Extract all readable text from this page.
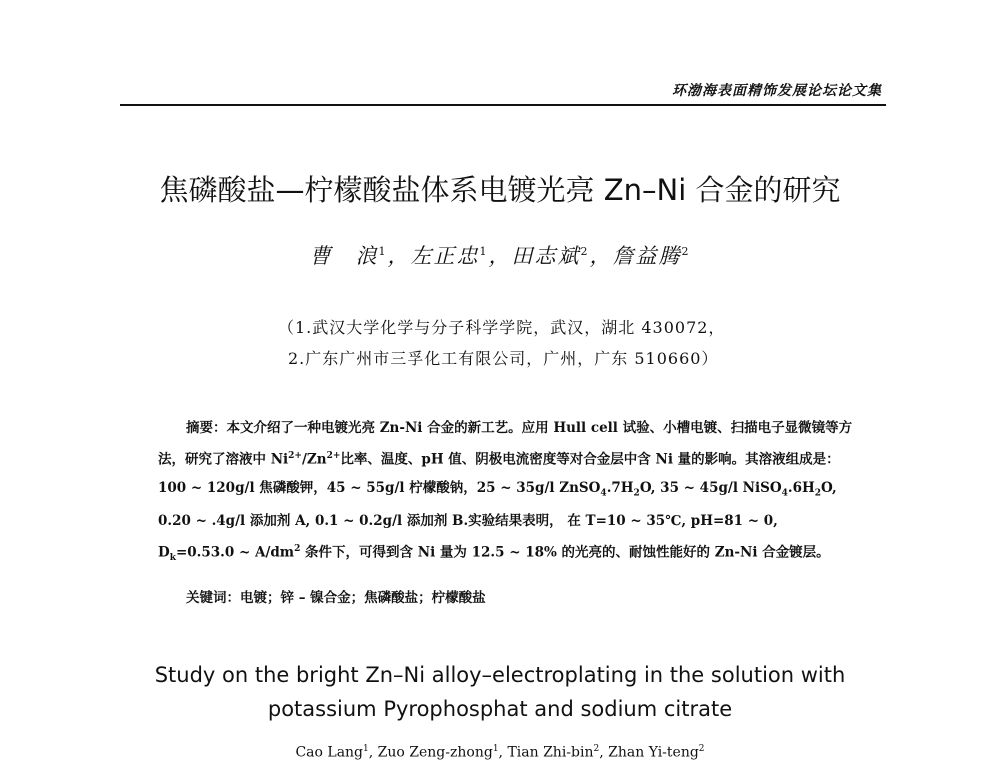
环渤海表面精饰发展论坛论文集
焦磷酸盐—柠檬酸盐体系电镀光亮 Zn–Ni 合金的研究
曹　浪$^1$，左正忠$^1$，田志斌$^2$，詹益腾$^2$
（1.武汉大学化学与分子科学学院，武汉，湖北 430072，
2.广东广州市三孚化工有限公司，广州，广东 510660）
摘要：本文介绍了一种电镀光亮 Zn-Ni 合金的新工艺。应用 Hull cell 试验、小槽电镀、扫描电子显微镜等方法，研究了溶液中 $Ni^{2+}/Zn^{2+}$比率、温度、pH 值、阴极电流密度等对合金层中含 Ni 量的影响。其溶液组成是：100 ~ 120g/l 焦磷酸钾，45 ~ 55g/l 柠檬酸钠，25 ~ 35g/l $ZnSO_4.7H_2O$, 35 ~ 45g/l $NiSO_4.6H_2O$, 0.20 ~ .4g/l 添加剂 A, 0.1 ~ 0.2g/l 添加剂 B.实验结果表明， 在 T=10 ~ 35℃, pH=81 ~ 0, $D_k=0.53.0$ ~ $A/dm^2$ 条件下，可得到含 Ni 量为 12.5 ~ 18% 的光亮的、耐蚀性能好的 Zn-Ni 合金镀层。
关键词：电镀；锌 – 镍合金；焦磷酸盐；柠檬酸盐
Study on the bright Zn–Ni alloy–electroplating in the solution with
potassium Pyrophosphat and sodium citrate
Cao Lang$^1$, Zuo Zeng-zhong$^1$, Tian Zhi-bin$^2$, Zhan Yi-teng$^2$
